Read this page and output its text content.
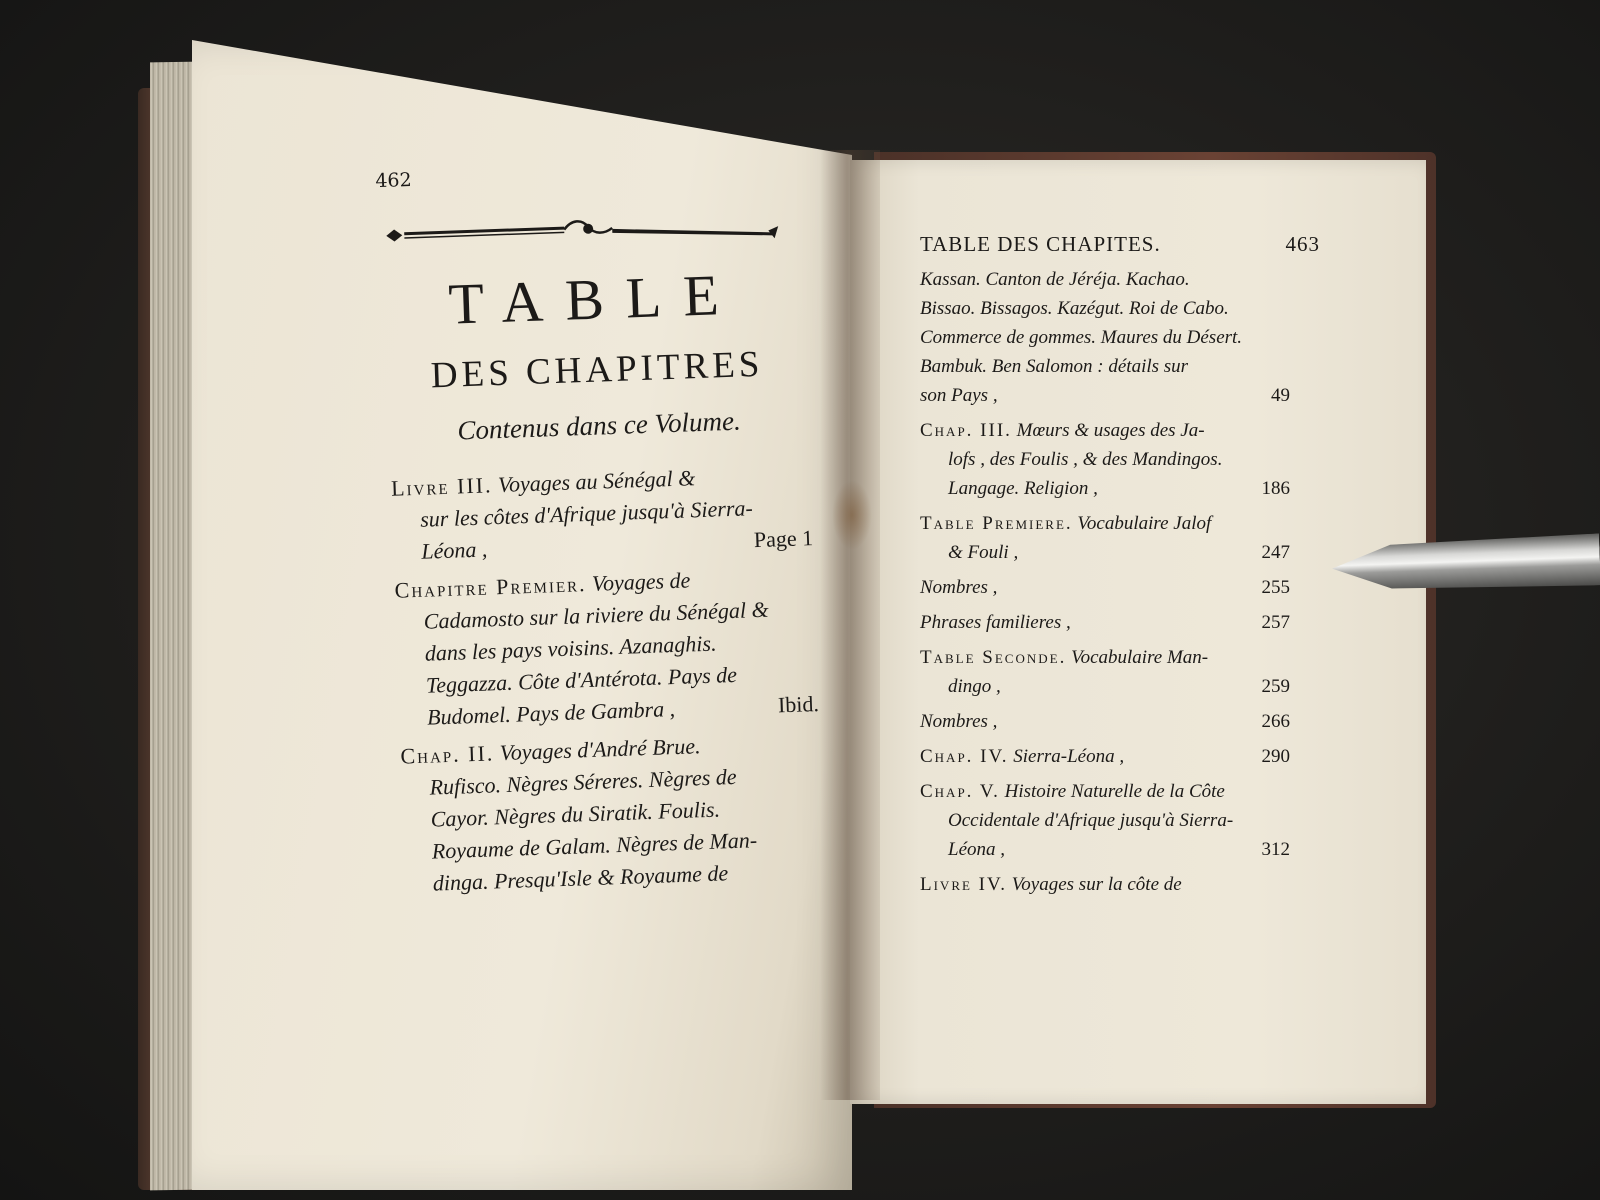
462
TABLE
DES CHAPITRES
Contenus dans ce Volume.
Livre III. Voyages au Sénégal &
sur les côtes d'Afrique jusqu'à Sierra-
Léona ,	Page 1
Chapitre Premier. Voyages de
Cadamosto sur la riviere du Sénégal &
dans les pays voisins. Azanaghis.
Teggazza. Côte d'Antérota. Pays de
Budomel. Pays de Gambra ,	Ibid.
Chap. II. Voyages d'André Brue.
Rufisco. Nègres Séreres. Nègres de
Cayor. Nègres du Siratik. Foulis.
Royaume de Galam. Nègres de Man-
dinga. Presqu'Isle & Royaume de
TABLE DES CHAPITES.	463
Kassan. Canton de Jéréja. Kachao.
Bissao. Bissagos. Kazégut. Roi de Cabo.
Commerce de gommes. Maures du Désert.
Bambuk. Ben Salomon : détails sur
son Pays ,	49
Chap. III. Mœurs & usages des Ja-
lofs , des Foulis , & des Mandingos.
Langage. Religion ,	186
Table Premiere. Vocabulaire Jalof
& Fouli ,	247
Nombres ,	255
Phrases familieres ,	257
Table Seconde. Vocabulaire Man-
dingo ,	259
Nombres ,	266
Chap. IV. Sierra-Léona ,	290
Chap. V. Histoire Naturelle de la Côte
Occidentale d'Afrique jusqu'à Sierra-
Léona ,	312
Livre IV. Voyages sur la côte de
